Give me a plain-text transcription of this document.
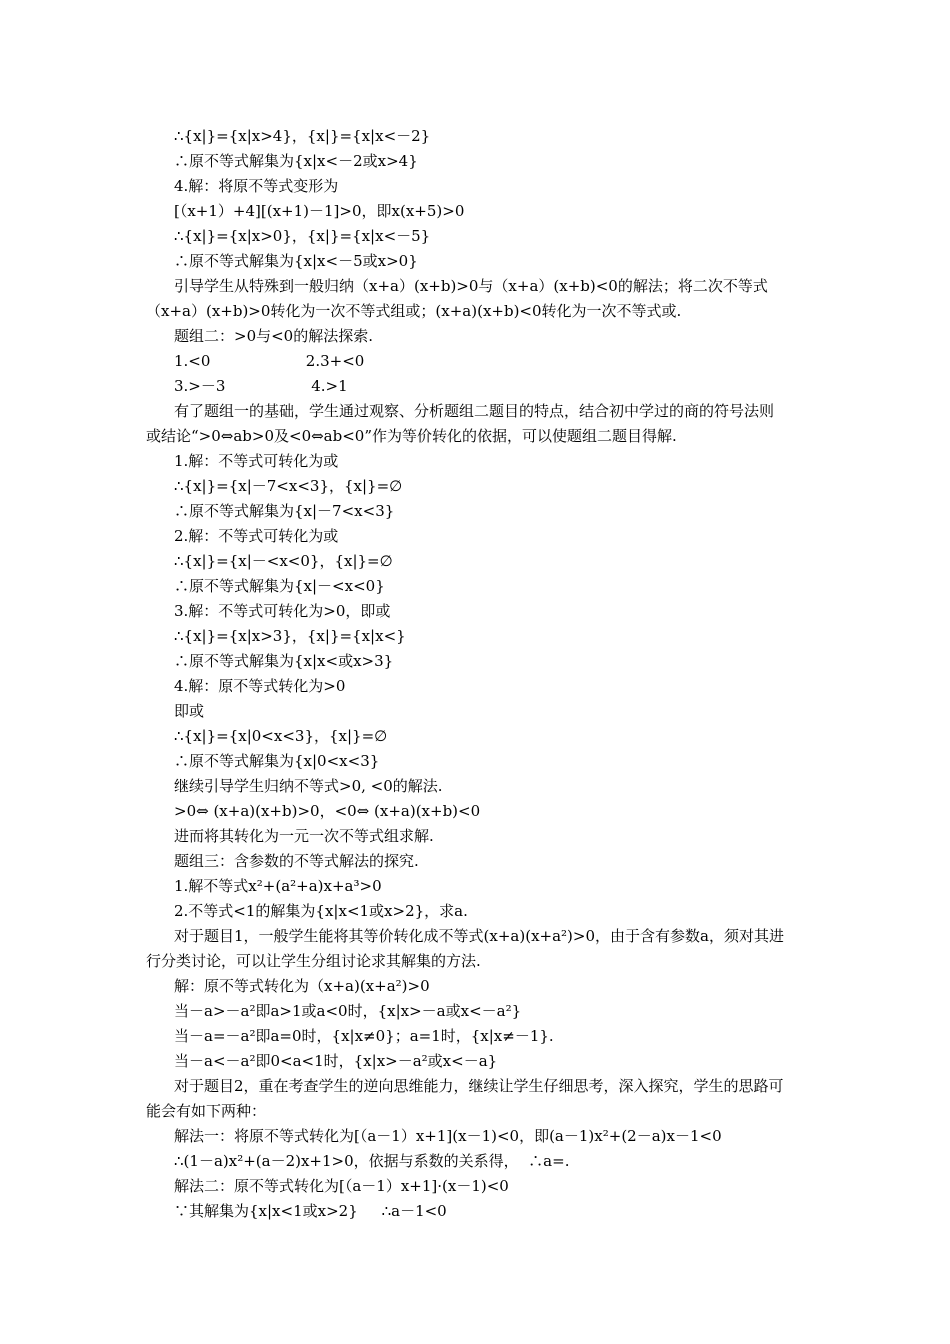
∴{x|}={x|x>4}，{x|}={x|x<－2}

∴原不等式解集为{x|x<－2或x>4}

4.解：将原不等式变形为

[（x+1）+4][(x+1)－1]>0，即x(x+5)>0

∴{x|}={x|x>0}，{x|}={x|x<－5}

∴原不等式解集为{x|x<－5或x>0}

引导学生从特殊到一般归纳（x+a）(x+b)>0与（x+a）(x+b)<0的解法；将二次不等式（x+a）(x+b)>0转化为一次不等式组或；(x+a)(x+b)<0转化为一次不等式或.

题组二：>0与<0的解法探索.

1.<0                    2.3+<0

3.>－3                  4.>1

有了题组一的基础，学生通过观察、分析题组二题目的特点，结合初中学过的商的符号法则或结论“>0⇔ab>0及<0⇔ab<0”作为等价转化的依据，可以使题组二题目得解.

1.解：不等式可转化为或

∴{x|}={x|－7<x<3}，{x|}=∅

∴原不等式解集为{x|－7<x<3}

2.解：不等式可转化为或

∴{x|}={x|－<x<0}，{x|}=∅

∴原不等式解集为{x|－<x<0}

3.解：不等式可转化为>0，即或

∴{x|}={x|x>3}，{x|}={x|x<}

∴原不等式解集为{x|x<或x>3}

4.解：原不等式转化为>0

即或

∴{x|}={x|0<x<3}，{x|}=∅

∴原不等式解集为{x|0<x<3}

继续引导学生归纳不等式>0, <0的解法.

>0⇔ (x+a)(x+b)>0，<0⇔ (x+a)(x+b)<0

进而将其转化为一元一次不等式组求解.

题组三：含参数的不等式解法的探究.

1.解不等式x²+(a²+a)x+a³>0

2.不等式<1的解集为{x|x<1或x>2}，求a.

对于题目1，一般学生能将其等价转化成不等式(x+a)(x+a²)>0，由于含有参数a，须对其进行分类讨论，可以让学生分组讨论求其解集的方法.

解：原不等式转化为（x+a)(x+a²)>0

当－a>－a²即a>1或a<0时，{x|x>－a或x<－a²}

当－a=－a²即a=0时，{x|x≠0}；a=1时，{x|x≠－1}.

当－a<－a²即0<a<1时，{x|x>－a²或x<－a}

对于题目2，重在考查学生的逆向思维能力，继续让学生仔细思考，深入探究，学生的思路可能会有如下两种：

解法一：将原不等式转化为[（a－1）x+1](x－1)<0，即(a－1)x²+(2－a)x－1<0

∴(1－a)x²+(a－2)x+1>0，依据与系数的关系得，  ∴a=.

解法二：原不等式转化为[（a－1）x+1]·(x－1)<0

∵其解集为{x|x<1或x>2}     ∴a－1<0
